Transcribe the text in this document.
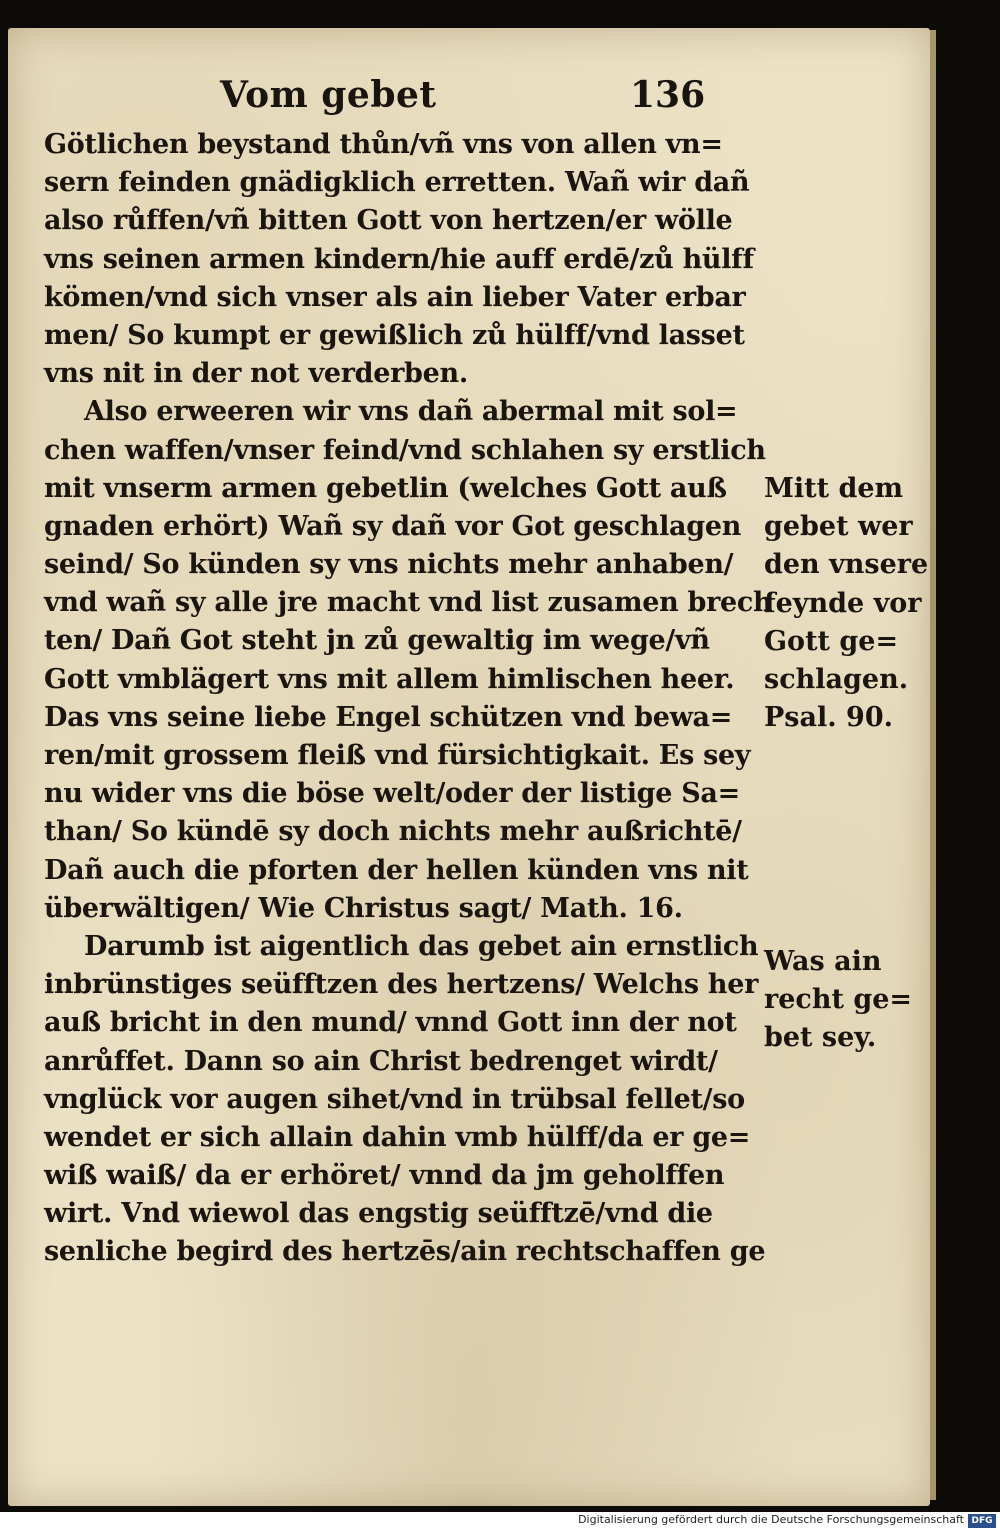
Vom gebet	136
Götlichen beystand thůn/vñ vns von allen vn=
sern feinden gnädigklich erretten. Wañ wir dañ
also růffen/vñ bitten Gott von hertzen/er wölle
vns seinen armen kindern/hie auff erdē/zů hülff
kömen/vnd sich vnser als ain lieber Vater erbar
men/ So kumpt er gewißlich zů hülff/vnd lasset
vns nit in der not verderben.
Also erweeren wir vns dañ abermal mit sol=
chen waffen/vnser feind/vnd schlahen sy erstlich
mit vnserm armen gebetlin (welches Gott auß
gnaden erhört) Wañ sy dañ vor Got geschlagen
seind/ So künden sy vns nichts mehr anhaben/
vnd wañ sy alle jre macht vnd list zusamen brech
ten/ Dañ Got steht jn zů gewaltig im wege/vñ
Gott vmblägert vns mit allem himlischen heer.
Das vns seine liebe Engel schützen vnd bewa=
ren/mit grossem fleiß vnd fürsichtigkait. Es sey
nu wider vns die böse welt/oder der listige Sa=
than/ So kündē sy doch nichts mehr außrichtē/
Dañ auch die pforten der hellen künden vns nit
überwältigen/ Wie Christus sagt/ Math. 16.
Darumb ist aigentlich das gebet ain ernstlich
inbrünstiges seüfftzen des hertzens/ Welchs her
auß bricht in den mund/ vnnd Gott inn der not
anrůffet. Dann so ain Christ bedrenget wirdt/
vnglück vor augen sihet/vnd in trübsal fellet/so
wendet er sich allain dahin vmb hülff/da er ge=
wiß waiß/ da er erhöret/ vnnd da jm geholffen
wirt. Vnd wiewol das engstig seüfftzē/vnd die
senliche begird des hertzēs/ain rechtschaffen ge
Mitt dem
gebet wer
den vnsere
feynde vor
Gott ge=
schlagen.
Psal. 90.
Was ain
recht ge=
bet sey.
Digitalisierung gefördert durch die Deutsche Forschungsgemeinschaft DFG
